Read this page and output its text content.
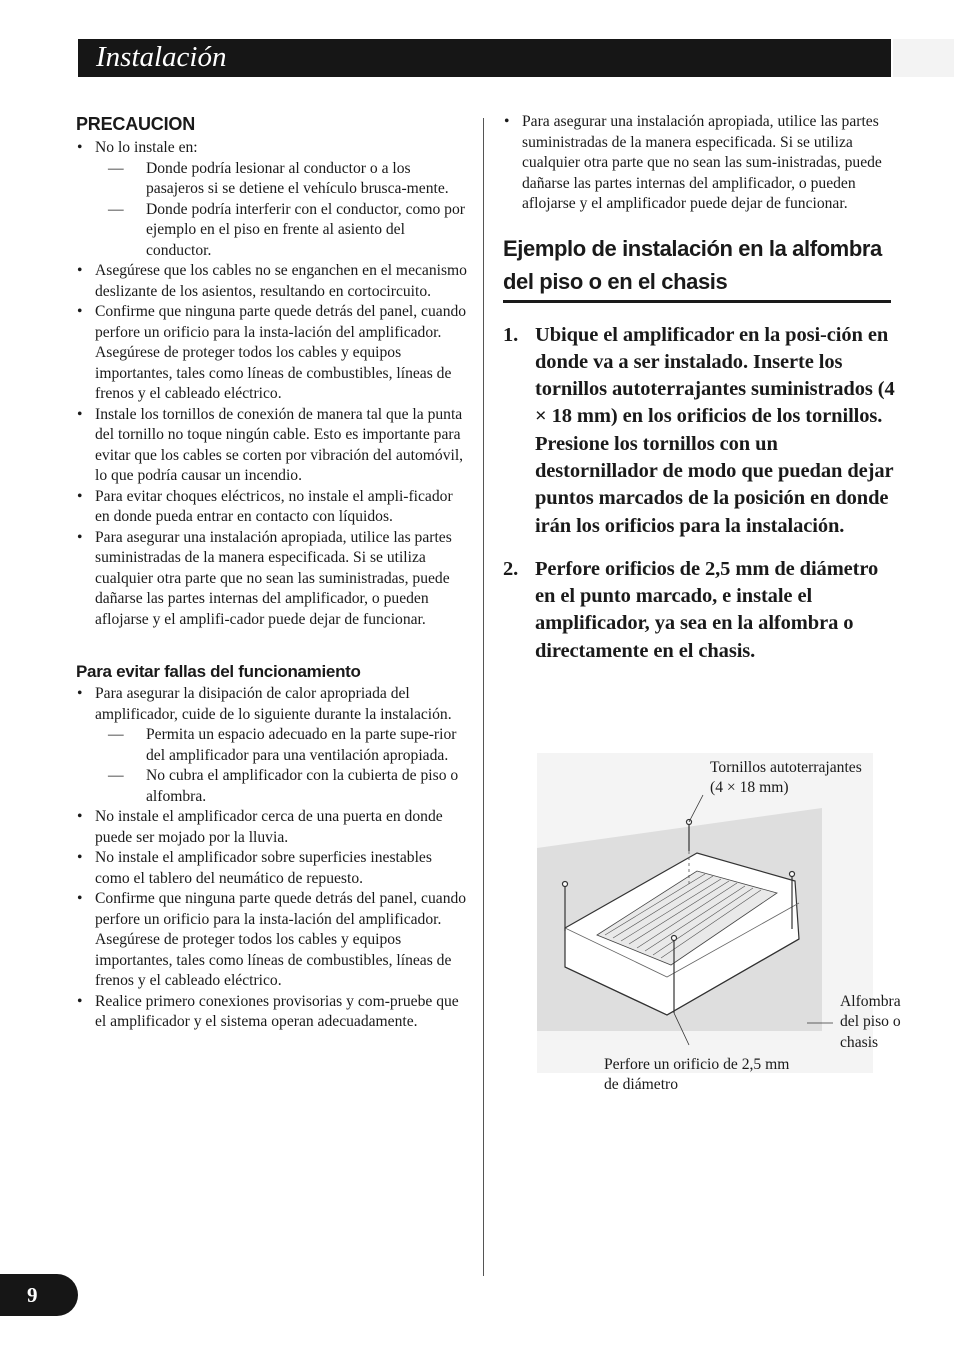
Instalación
PRECAUCION
• No lo instale en:
— Donde podría lesionar al conductor o a los pasajeros si se detiene el vehículo brusca-mente.
— Donde podría interferir con el conductor, como por ejemplo en el piso en frente al asiento del conductor.
• Asegúrese que los cables no se enganchen en el mecanismo deslizante de los asientos, resultando en cortocircuito.
• Confirme que ninguna parte quede detrás del panel, cuando perfore un orificio para la insta-lación del amplificador. Asegúrese de proteger todos los cables y equipos importantes, tales como líneas de combustibles, líneas de frenos y el cableado eléctrico.
• Instale los tornillos de conexión de manera tal que la punta del tornillo no toque ningún cable. Esto es importante para evitar que los cables se corten por vibración del automóvil, lo que podría causar un incendio.
• Para evitar choques eléctricos, no instale el ampli-ficador en donde pueda entrar en contacto con líquidos.
• Para asegurar una instalación apropiada, utilice las partes suministradas de la manera especificada. Si se utiliza cualquier otra parte que no sean las suministradas, puede dañarse las partes internas del amplificador, o pueden aflojarse y el amplifi-cador puede dejar de funcionar.
Para evitar fallas del funcionamiento
• Para asegurar la disipación de calor apropriada del amplificador, cuide de lo siguiente durante la instalación.
— Permita un espacio adecuado en la parte supe-rior del amplificador para una ventilación apropiada.
— No cubra el amplificador con la cubierta de piso o alfombra.
• No instale el amplificador cerca de una puerta en donde puede ser mojado por la lluvia.
• No instale el amplificador sobre superficies inestables como el tablero del neumático de repuesto.
• Confirme que ninguna parte quede detrás del panel, cuando perfore un orificio para la insta-lación del amplificador. Asegúrese de proteger todos los cables y equipos importantes, tales como líneas de combustibles, líneas de frenos y el cableado eléctrico.
• Realice primero conexiones provisorias y com-pruebe que el amplificador y el sistema operan adecuadamente.
• Para asegurar una instalación apropiada, utilice las partes suministradas de la manera especificada. Si se utiliza cualquier otra parte que no sean las sum-inistradas, puede dañarse las partes internas del amplificador, o pueden aflojarse y el amplificador puede dejar de funcionar.
Ejemplo de instalación en la alfombra del piso o en el chasis
1. Ubique el amplificador en la posi-ción en donde va a ser instalado. Inserte los tornillos autoterrajantes suministrados (4 × 18 mm) en los orificios de los tornillos. Presione los tornillos con un destornillador de modo que puedan dejar puntos marcados de la posición en donde irán los orificios para la instalación.
2. Perfore orificios de 2,5 mm de diámetro en el punto marcado, e instale el amplificador, ya sea en la alfombra o directamente en el chasis.
Tornillos autoterrajantes
(4 × 18 mm)
Alfombra
del piso o
chasis
Perfore un orificio de 2,5 mm
de diámetro
9
